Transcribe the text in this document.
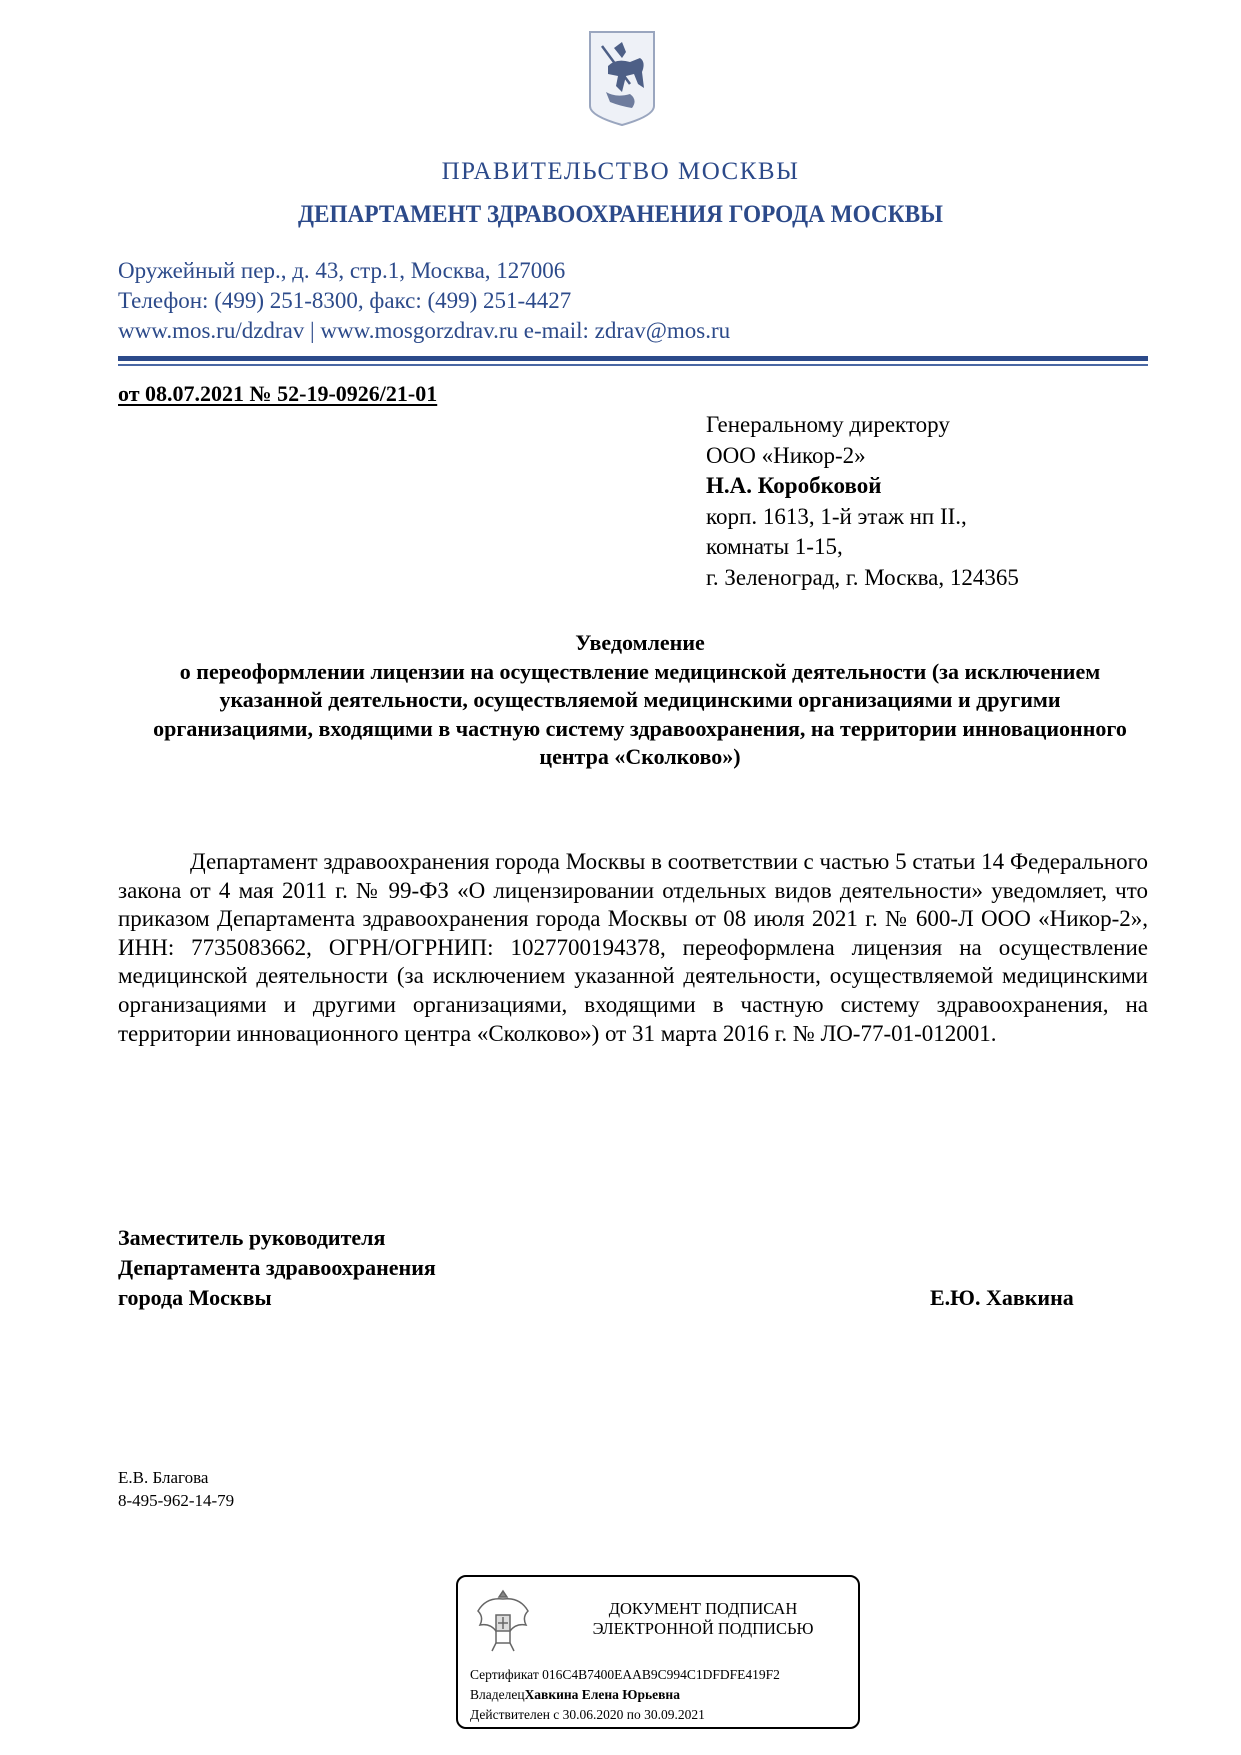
ПРАВИТЕЛЬСТВО МОСКВЫ
ДЕПАРТАМЕНТ ЗДРАВООХРАНЕНИЯ ГОРОДА МОСКВЫ
Оружейный пер., д. 43, стр.1, Москва, 127006
Телефон: (499) 251-8300, факс: (499) 251-4427
www.mos.ru/dzdrav | www.mosgorzdrav.ru e-mail: zdrav@mos.ru
от 08.07.2021 № 52-19-0926/21-01
Генеральному директору
ООО «Никор-2»
Н.А. Коробковой
корп. 1613, 1-й этаж нп II.,
комнаты 1-15,
г. Зеленоград, г. Москва, 124365
Уведомление
о переоформлении лицензии на осуществление медицинской деятельности (за исключением указанной деятельности, осуществляемой медицинскими организациями и другими организациями, входящими в частную систему здравоохранения, на территории инновационного центра «Сколково»)

Департамент здравоохранения города Москвы в соответствии с частью 5 статьи 14 Федерального закона от 4 мая 2011 г. № 99-ФЗ «О лицензировании отдельных видов деятельности» уведомляет, что приказом Департамента здравоохранения города Москвы от 08 июля 2021 г. № 600-Л ООО «Никор-2», ИНН: 7735083662, ОГРН/ОГРНИП: 1027700194378, переоформлена лицензия на осуществление медицинской деятельности (за исключением указанной деятельности, осуществляемой медицинскими организациями и другими организациями, входящими в частную систему здравоохранения, на территории инновационного центра «Сколково») от 31 марта 2016 г. № ЛО-77-01-012001.

Заместитель руководителя
Департамента здравоохранения
города Москвы	Е.Ю. Хавкина
Е.В. Благова
8-495-962-14-79
ДОКУМЕНТ ПОДПИСАН
ЭЛЕКТРОННОЙ ПОДПИСЬЮ
Сертификат 016C4B7400EAAB9C994C1DFDFE419F2
ВладелецХавкина Елена Юрьевна
Действителен с 30.06.2020 по 30.09.2021
